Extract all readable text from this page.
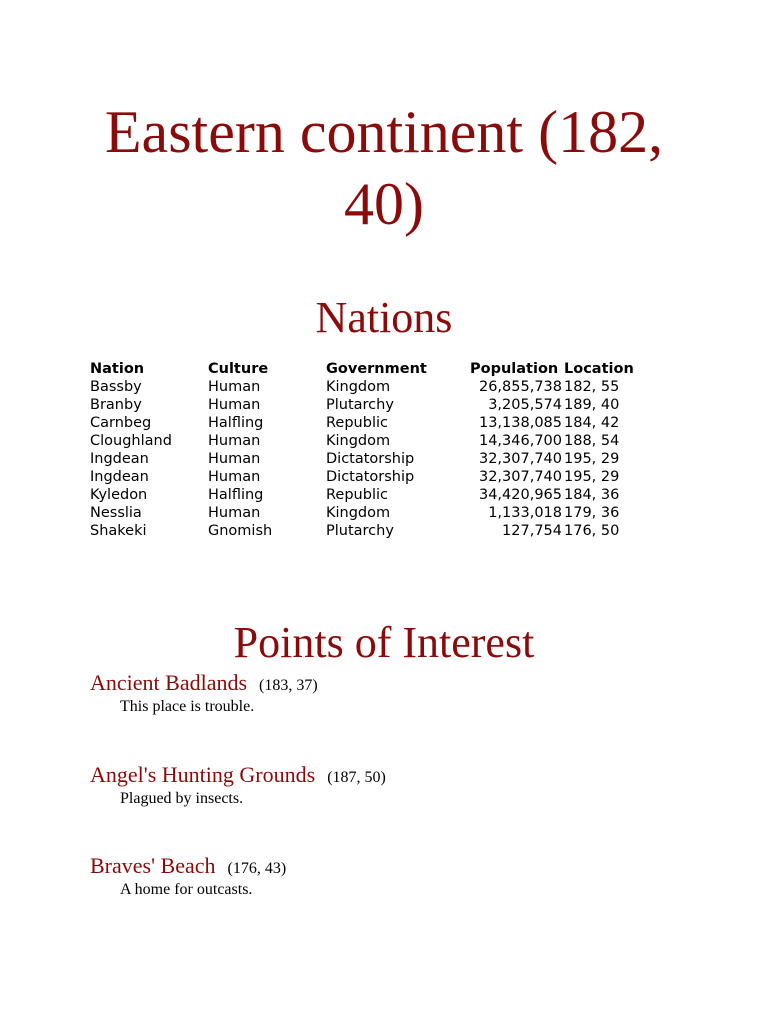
Eastern continent (182, 40)
Nations
Nation	Culture	Government	Population	Location
Bassby	Human	Kingdom	26,855,738	182, 55
Branby	Human	Plutarchy	3,205,574	189, 40
Carnbeg	Halfling	Republic	13,138,085	184, 42
Cloughland	Human	Kingdom	14,346,700	188, 54
Ingdean	Human	Dictatorship	32,307,740	195, 29
Ingdean	Human	Dictatorship	32,307,740	195, 29
Kyledon	Halfling	Republic	34,420,965	184, 36
Nesslia	Human	Kingdom	1,133,018	179, 36
Shakeki	Gnomish	Plutarchy	127,754	176, 50
Points of Interest
Ancient Badlands (183, 37)
This place is trouble.
Angel's Hunting Grounds (187, 50)
Plagued by insects.
Braves' Beach (176, 43)
A home for outcasts.
